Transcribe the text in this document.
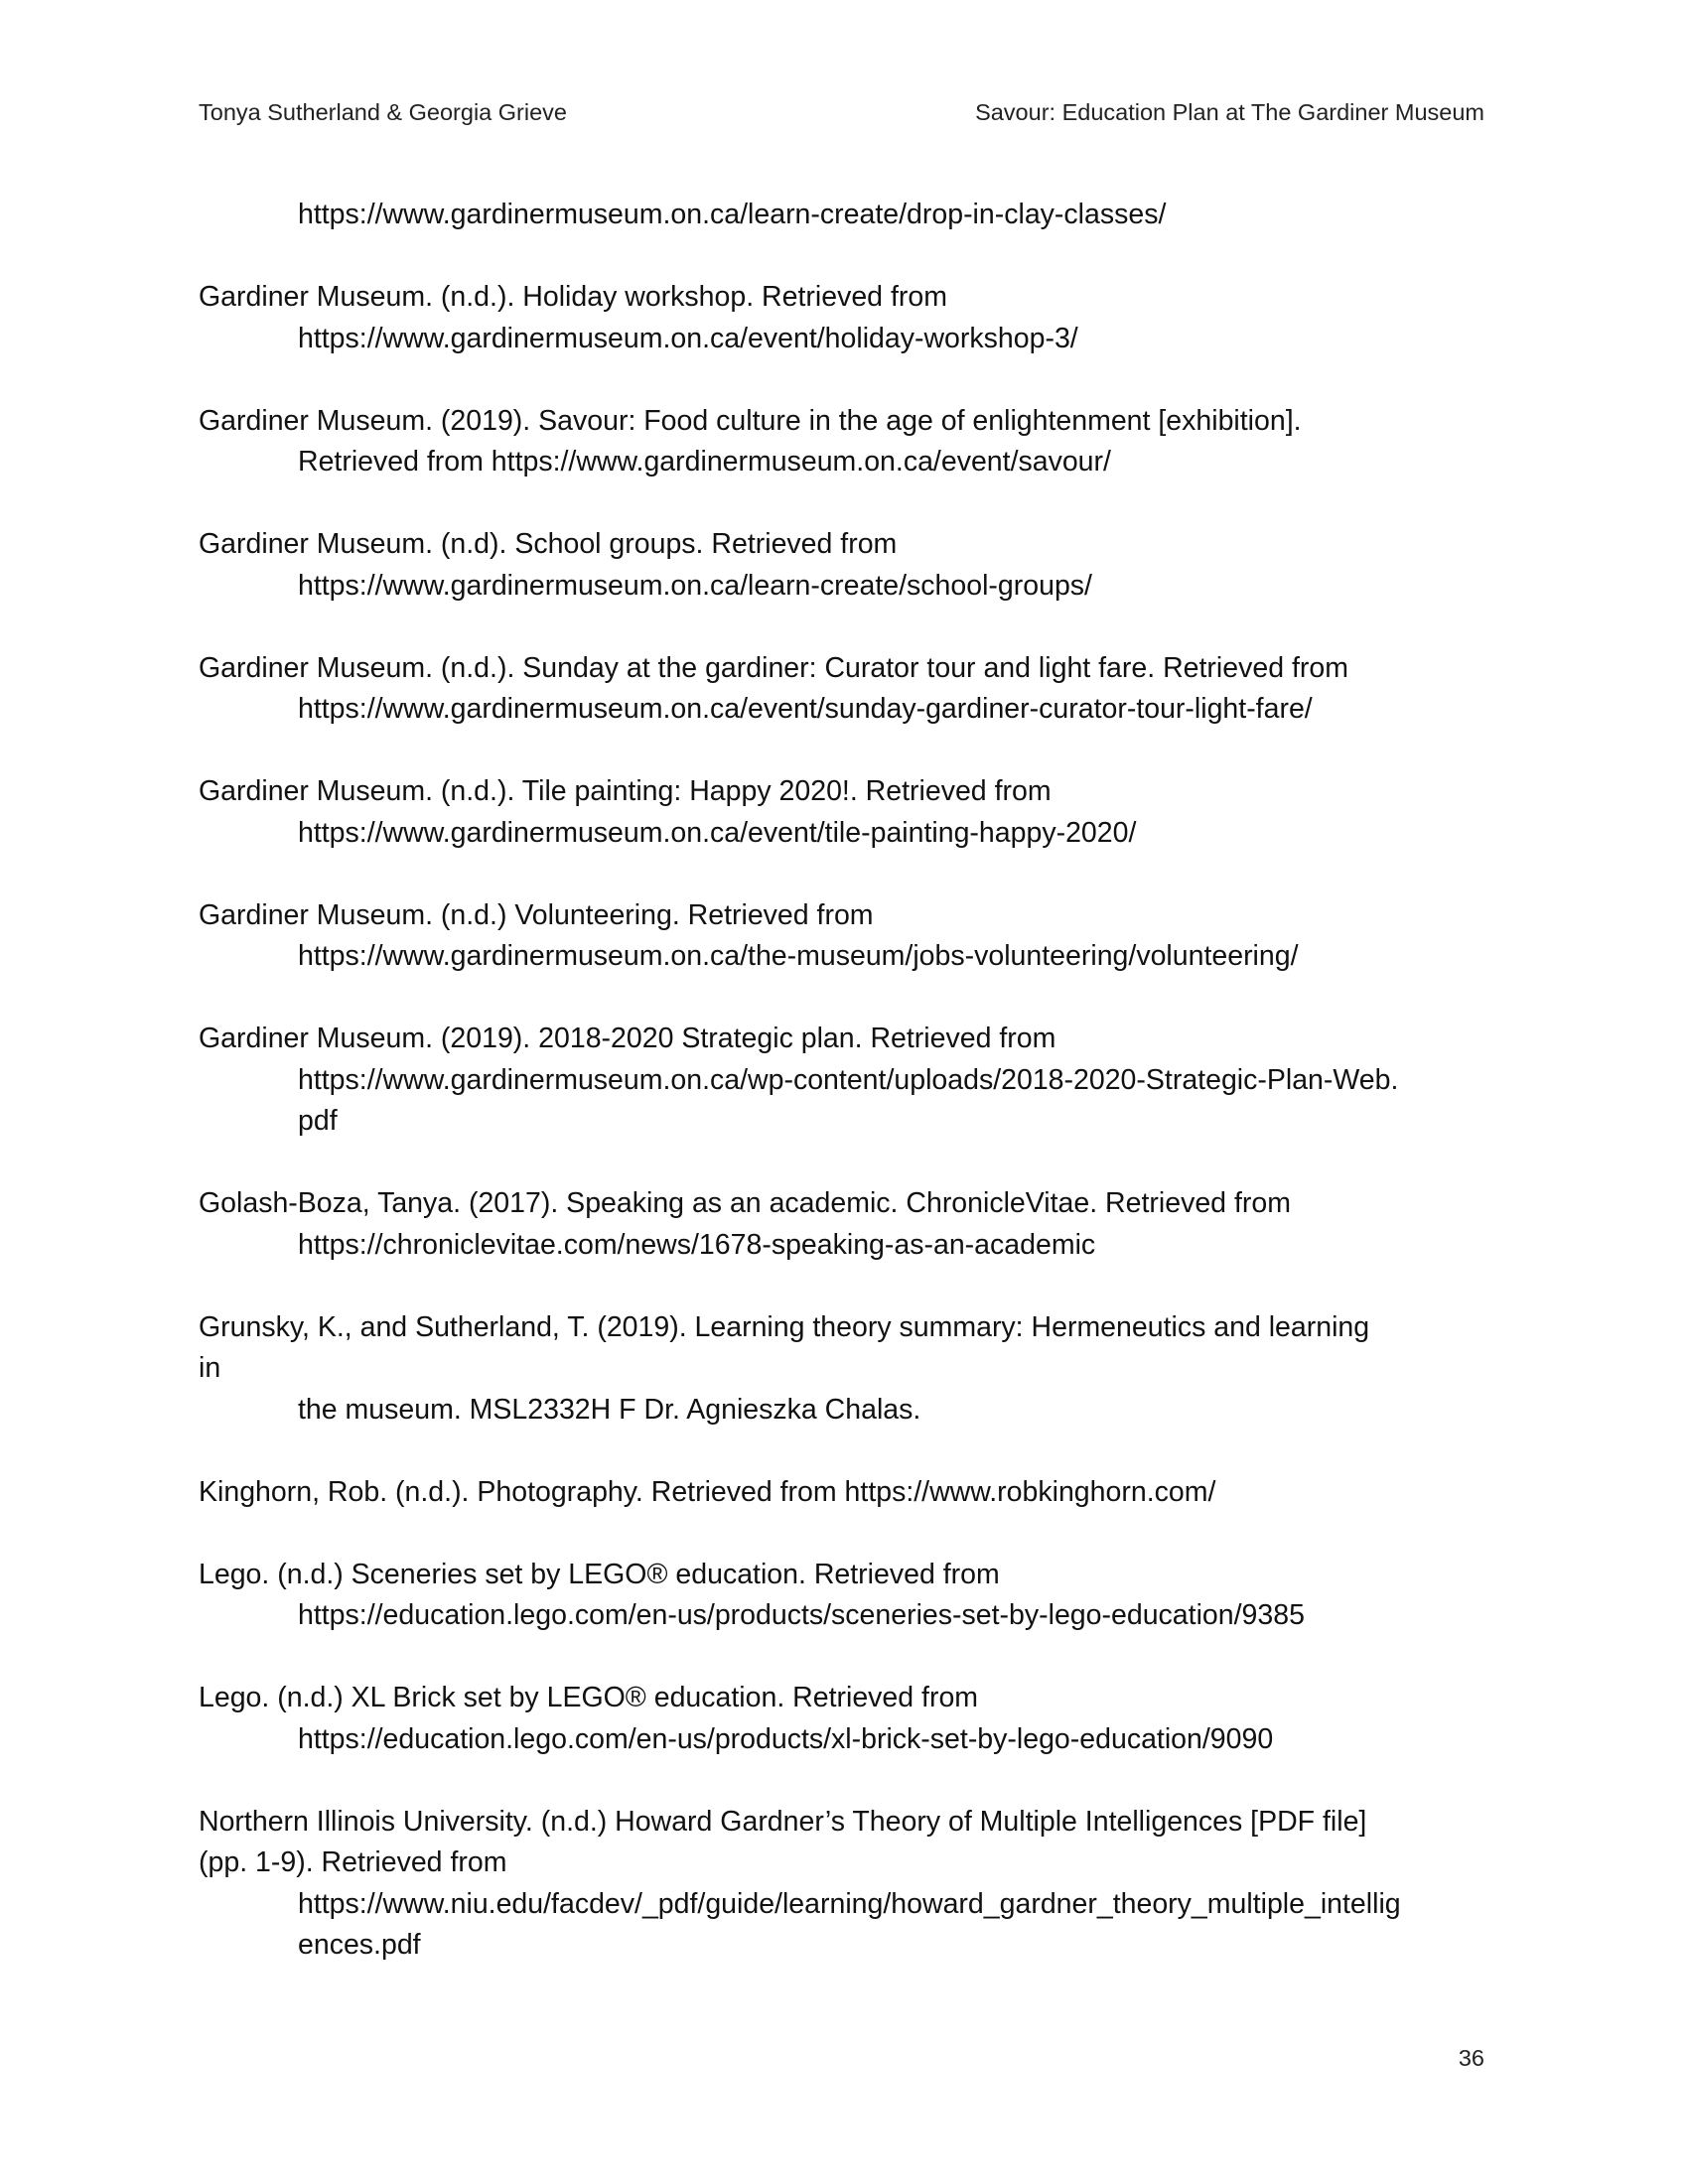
Tonya Sutherland & Georgia Grieve	Savour: Education Plan at The Gardiner Museum
https://www.gardinermuseum.on.ca/learn-create/drop-in-clay-classes/
Gardiner Museum. (n.d.). Holiday workshop. Retrieved from
https://www.gardinermuseum.on.ca/event/holiday-workshop-3/
Gardiner Museum. (2019). Savour: Food culture in the age of enlightenment [exhibition].
Retrieved from https://www.gardinermuseum.on.ca/event/savour/
Gardiner Museum. (n.d). School groups. Retrieved from
https://www.gardinermuseum.on.ca/learn-create/school-groups/
Gardiner Museum. (n.d.). Sunday at the gardiner: Curator tour and light fare. Retrieved from
https://www.gardinermuseum.on.ca/event/sunday-gardiner-curator-tour-light-fare/
Gardiner Museum. (n.d.). Tile painting: Happy 2020!. Retrieved from
https://www.gardinermuseum.on.ca/event/tile-painting-happy-2020/
Gardiner Museum. (n.d.) Volunteering. Retrieved from
https://www.gardinermuseum.on.ca/the-museum/jobs-volunteering/volunteering/
Gardiner Museum. (2019). 2018-2020 Strategic plan. Retrieved from
https://www.gardinermuseum.on.ca/wp-content/uploads/2018-2020-Strategic-Plan-Web.
pdf
Golash-Boza, Tanya. (2017). Speaking as an academic. ChronicleVitae. Retrieved from
https://chroniclevitae.com/news/1678-speaking-as-an-academic
Grunsky, K., and Sutherland, T. (2019). Learning theory summary: Hermeneutics and learning
in
the museum. MSL2332H F Dr. Agnieszka Chalas.
Kinghorn, Rob. (n.d.). Photography. Retrieved from https://www.robkinghorn.com/
Lego. (n.d.) Sceneries set by LEGO® education. Retrieved from
https://education.lego.com/en-us/products/sceneries-set-by-lego-education/9385
Lego. (n.d.) XL Brick set by LEGO® education. Retrieved from
https://education.lego.com/en-us/products/xl-brick-set-by-lego-education/9090
Northern Illinois University. (n.d.) Howard Gardner’s Theory of Multiple Intelligences [PDF file]
(pp. 1-9). Retrieved from
https://www.niu.edu/facdev/_pdf/guide/learning/howard_gardner_theory_multiple_intellig
ences.pdf
36
